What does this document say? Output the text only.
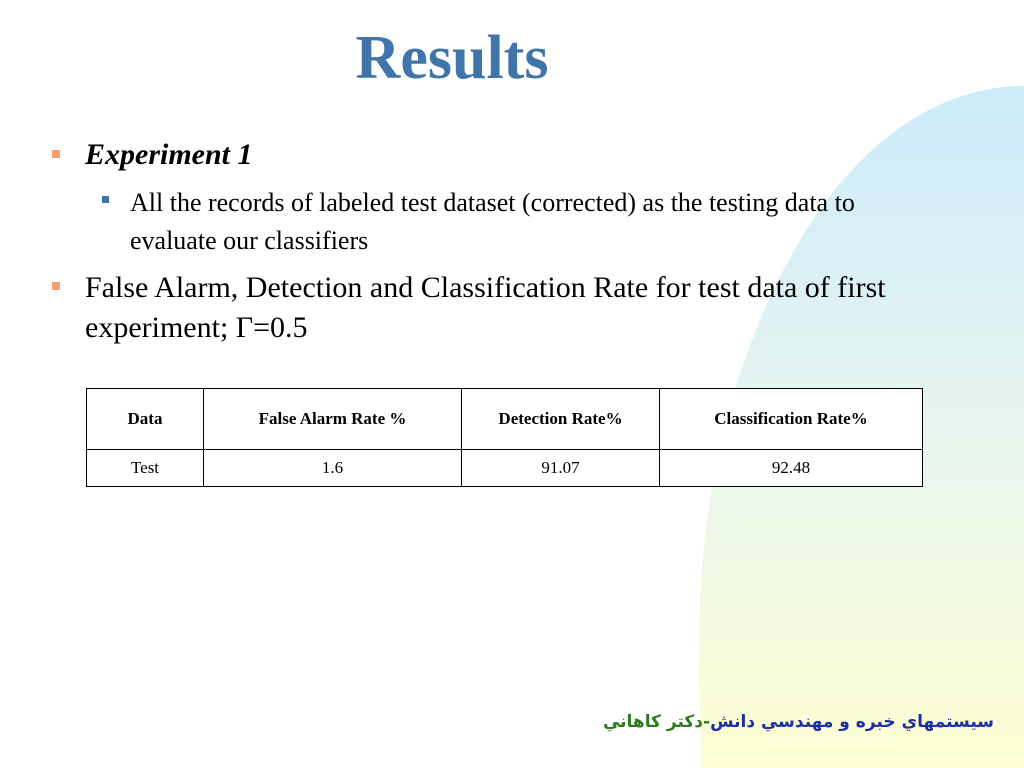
Results
Experiment 1
All the records of labeled test dataset (corrected) as the testing data to evaluate our classifiers
False Alarm, Detection and Classification Rate for test data of first experiment; Γ=0.5
Data	False Alarm Rate %	Detection Rate%	Classification Rate%
Test	1.6	91.07	92.48
سيستمهاي خبره و مهندسي دانش-دکتر کاهاني
